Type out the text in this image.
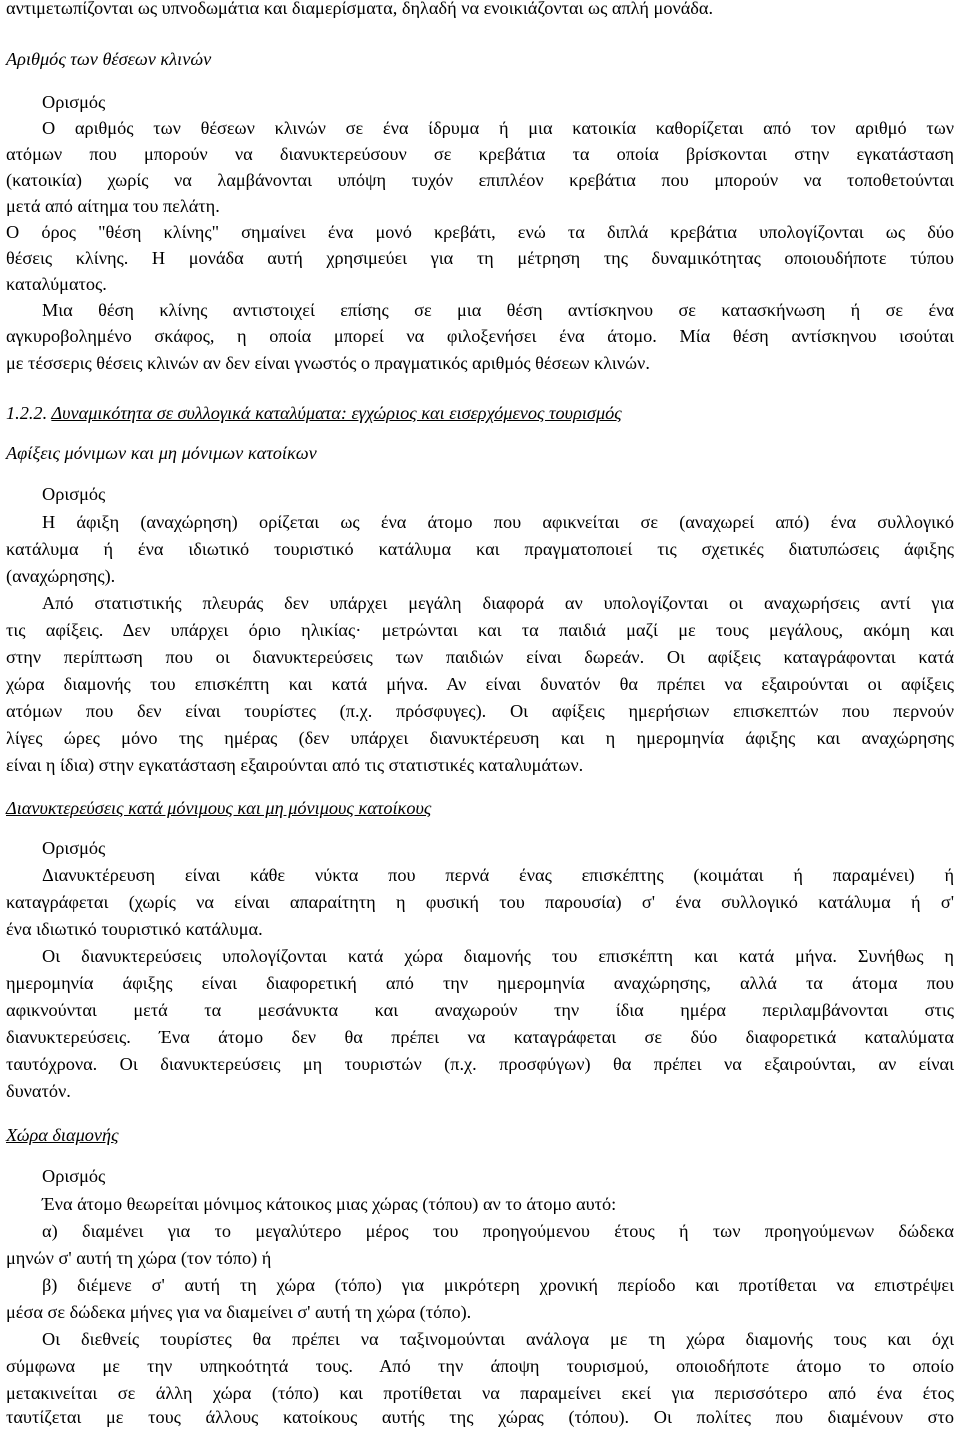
αντιμετωπίζονται ως υπνοδωμάτια και διαμερίσματα, δηλαδή να ενοικιάζονται ως απλή μονάδα.
Αριθμός των θέσεων κλινών
Ορισμός
Ο αριθμός των θέσεων κλινών σε ένα ίδρυμα ή μια κατοικία καθορίζεται από τον αριθμό των
ατόμων που μπορούν να διανυκτερεύσουν σε κρεβάτια τα οποία βρίσκονται στην εγκατάσταση
(κατοικία) χωρίς να λαμβάνονται υπόψη τυχόν επιπλέον κρεβάτια που μπορούν να τοποθετούνται
μετά από αίτημα του πελάτη.
Ο όρος "θέση κλίνης" σημαίνει ένα μονό κρεβάτι, ενώ τα διπλά κρεβάτια υπολογίζονται ως δύο
θέσεις κλίνης. Η μονάδα αυτή χρησιμεύει για τη μέτρηση της δυναμικότητας οποιουδήποτε τύπου
καταλύματος.
Μια θέση κλίνης αντιστοιχεί επίσης σε μια θέση αντίσκηνου σε κατασκήνωση ή σε ένα
αγκυροβολημένο σκάφος, η οποία μπορεί να φιλοξενήσει ένα άτομο. Μία θέση αντίσκηνου ισούται
με τέσσερις θέσεις κλινών αν δεν είναι γνωστός ο πραγματικός αριθμός θέσεων κλινών.
1.2.2. Δυναμικότητα σε συλλογικά καταλύματα: εγχώριος και εισερχόμενος τουρισμός
Αφίξεις μόνιμων και μη μόνιμων κατοίκων
Ορισμός
Η άφιξη (αναχώρηση) ορίζεται ως ένα άτομο που αφικνείται σε (αναχωρεί από) ένα συλλογικό
κατάλυμα ή ένα ιδιωτικό τουριστικό κατάλυμα και πραγματοποιεί τις σχετικές διατυπώσεις άφιξης
(αναχώρησης).
Από στατιστικής πλευράς δεν υπάρχει μεγάλη διαφορά αν υπολογίζονται οι αναχωρήσεις αντί για
τις αφίξεις. Δεν υπάρχει όριο ηλικίας· μετρώνται και τα παιδιά μαζί με τους μεγάλους, ακόμη και
στην περίπτωση που οι διανυκτερεύσεις των παιδιών είναι δωρεάν. Οι αφίξεις καταγράφονται κατά
χώρα διαμονής του επισκέπτη και κατά μήνα. Αν είναι δυνατόν θα πρέπει να εξαιρούνται οι αφίξεις
ατόμων που δεν είναι τουρίστες (π.χ. πρόσφυγες). Οι αφίξεις ημερήσιων επισκεπτών που περνούν
λίγες ώρες μόνο της ημέρας (δεν υπάρχει διανυκτέρευση και η ημερομηνία άφιξης και αναχώρησης
είναι η ίδια) στην εγκατάσταση εξαιρούνται από τις στατιστικές καταλυμάτων.
Διανυκτερεύσεις κατά μόνιμους και μη μόνιμους κατοίκους
Ορισμός
Διανυκτέρευση είναι κάθε νύκτα που περνά ένας επισκέπτης (κοιμάται ή παραμένει) ή
καταγράφεται (χωρίς να είναι απαραίτητη η φυσική του παρουσία) σ' ένα συλλογικό κατάλυμα ή σ'
ένα ιδιωτικό τουριστικό κατάλυμα.
Οι διανυκτερεύσεις υπολογίζονται κατά χώρα διαμονής του επισκέπτη και κατά μήνα. Συνήθως η
ημερομηνία άφιξης είναι διαφορετική από την ημερομηνία αναχώρησης, αλλά τα άτομα που
αφικνούνται μετά τα μεσάνυκτα και αναχωρούν την ίδια ημέρα περιλαμβάνονται στις
διανυκτερεύσεις. Ένα άτομο δεν θα πρέπει να καταγράφεται σε δύο διαφορετικά καταλύματα
ταυτόχρονα. Οι διανυκτερεύσεις μη τουριστών (π.χ. προσφύγων) θα πρέπει να εξαιρούνται, αν είναι
δυνατόν.
Χώρα διαμονής
Ορισμός
Ένα άτομο θεωρείται μόνιμος κάτοικος μιας χώρας (τόπου) αν το άτομο αυτό:
α) διαμένει για το μεγαλύτερο μέρος του προηγούμενου έτους ή των προηγούμενων δώδεκα
μηνών σ' αυτή τη χώρα (τον τόπο) ή
β) διέμενε σ' αυτή τη χώρα (τόπο) για μικρότερη χρονική περίοδο και προτίθεται να επιστρέψει
μέσα σε δώδεκα μήνες για να διαμείνει σ' αυτή τη χώρα (τόπο).
Οι διεθνείς τουρίστες θα πρέπει να ταξινομούνται ανάλογα με τη χώρα διαμονής τους και όχι
σύμφωνα με την υπηκοότητά τους. Από την άποψη τουρισμού, οποιοδήποτε άτομο το οποίο
μετακινείται σε άλλη χώρα (τόπο) και προτίθεται να παραμείνει εκεί για περισσότερο από ένα έτος
ταυτίζεται με τους άλλους κατοίκους αυτής της χώρας (τόπου). Οι πολίτες που διαμένουν στο
